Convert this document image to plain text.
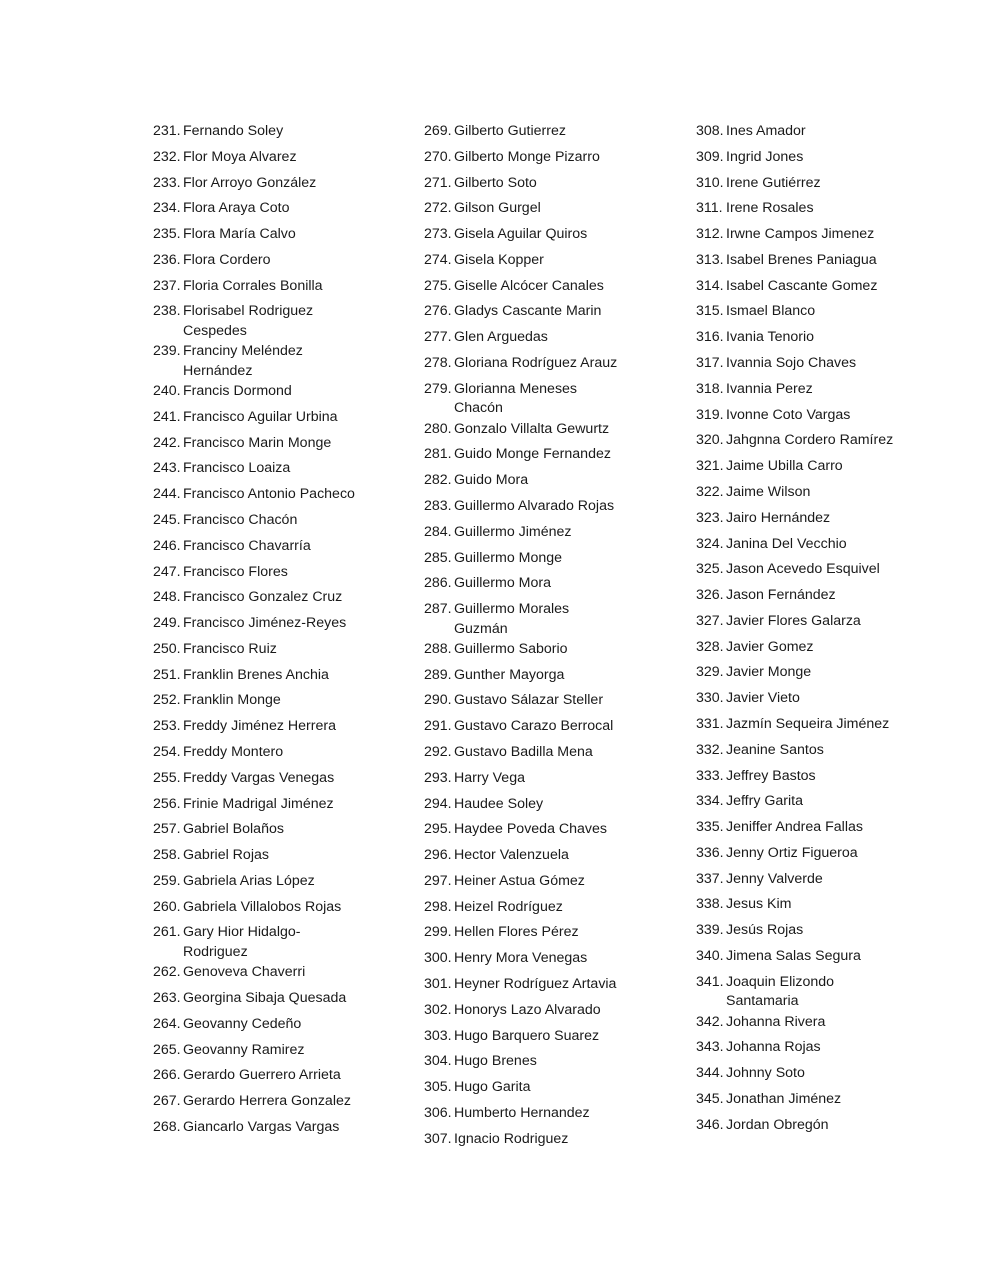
231. Fernando Soley
232. Flor Moya Alvarez
233. Flor Arroyo González
234. Flora Araya Coto
235. Flora María Calvo
236. Flora Cordero
237. Floria Corrales Bonilla
238. Florisabel Rodriguez
Cespedes
239. Franciny Meléndez
Hernández
240. Francis Dormond
241. Francisco Aguilar Urbina
242. Francisco Marin Monge
243. Francisco Loaiza
244. Francisco Antonio Pacheco
245. Francisco Chacón
246. Francisco Chavarría
247. Francisco Flores
248. Francisco Gonzalez Cruz
249. Francisco Jiménez-Reyes
250. Francisco Ruiz
251. Franklin Brenes Anchia
252. Franklin Monge
253. Freddy Jiménez Herrera
254. Freddy Montero
255. Freddy Vargas Venegas
256. Frinie Madrigal Jiménez
257. Gabriel Bolaños
258. Gabriel Rojas
259. Gabriela Arias López
260. Gabriela Villalobos Rojas
261. Gary Hior Hidalgo-
Rodriguez
262. Genoveva Chaverri
263. Georgina Sibaja Quesada
264. Geovanny Cedeño
265. Geovanny Ramirez
266. Gerardo Guerrero Arrieta
267. Gerardo Herrera Gonzalez
268. Giancarlo Vargas Vargas
269. Gilberto Gutierrez
270. Gilberto Monge Pizarro
271. Gilberto Soto
272. Gilson Gurgel
273. Gisela Aguilar Quiros
274. Gisela Kopper
275. Giselle Alcócer Canales
276. Gladys Cascante Marin
277. Glen Arguedas
278. Gloriana Rodríguez Arauz
279. Glorianna Meneses
Chacón
280. Gonzalo Villalta Gewurtz
281. Guido Monge Fernandez
282. Guido Mora
283. Guillermo Alvarado Rojas
284. Guillermo Jiménez
285. Guillermo Monge
286. Guillermo Mora
287. Guillermo Morales
Guzmán
288. Guillermo Saborio
289. Gunther Mayorga
290. Gustavo Sálazar Steller
291. Gustavo Carazo Berrocal
292. Gustavo Badilla Mena
293. Harry Vega
294. Haudee Soley
295. Haydee Poveda Chaves
296. Hector Valenzuela
297. Heiner Astua Gómez
298. Heizel Rodríguez
299. Hellen Flores Pérez
300. Henry Mora Venegas
301. Heyner Rodríguez Artavia
302. Honorys Lazo Alvarado
303. Hugo Barquero Suarez
304. Hugo Brenes
305. Hugo Garita
306. Humberto Hernandez
307. Ignacio Rodriguez
308. Ines Amador
309. Ingrid Jones
310. Irene Gutiérrez
311. Irene Rosales
312. Irwne Campos Jimenez
313. Isabel Brenes Paniagua
314. Isabel Cascante Gomez
315. Ismael Blanco
316. Ivania Tenorio
317. Ivannia Sojo Chaves
318. Ivannia Perez
319. Ivonne Coto Vargas
320. Jahgnna Cordero Ramírez
321. Jaime Ubilla Carro
322. Jaime Wilson
323. Jairo Hernández
324. Janina Del Vecchio
325. Jason Acevedo Esquivel
326. Jason Fernández
327. Javier Flores Galarza
328. Javier Gomez
329. Javier Monge
330. Javier Vieto
331. Jazmín Sequeira Jiménez
332. Jeanine Santos
333. Jeffrey Bastos
334. Jeffry Garita
335. Jeniffer Andrea Fallas
336. Jenny Ortiz Figueroa
337. Jenny Valverde
338. Jesus Kim
339. Jesús Rojas
340. Jimena Salas Segura
341. Joaquin Elizondo
Santamaria
342. Johanna Rivera
343. Johanna Rojas
344. Johnny Soto
345. Jonathan Jiménez
346. Jordan Obregón
